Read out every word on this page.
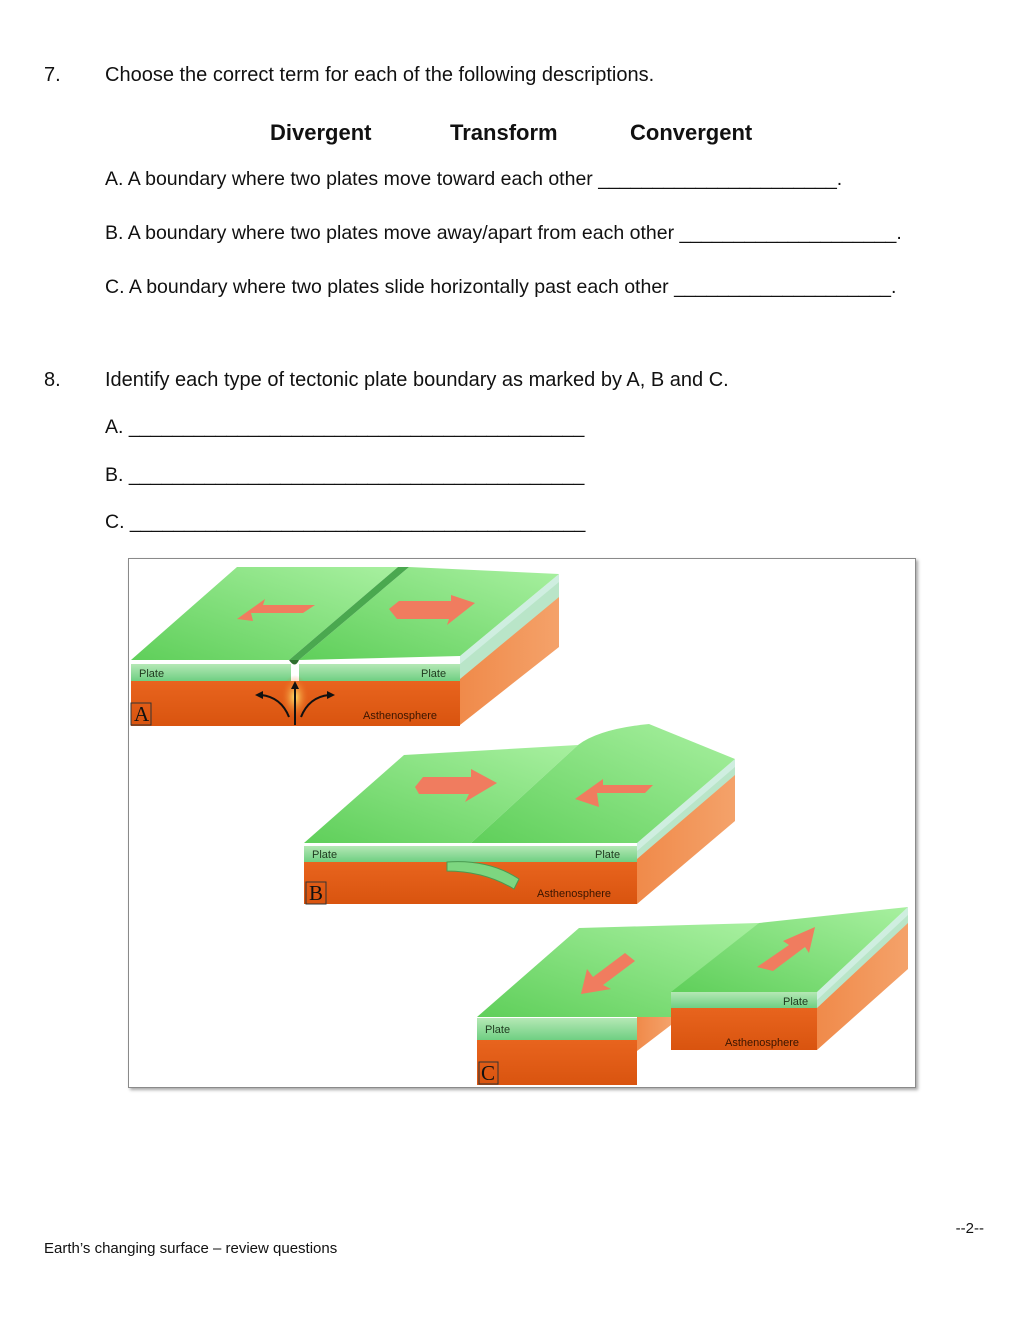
7. Choose the correct term for each of the following descriptions.
Divergent	Transform	Convergent
A. A boundary where two plates move toward each other ______________________.
B. A boundary where two plates move away/apart from each other ____________________.
C. A boundary where two plates slide horizontally past each other ____________________.
8. Identify each type of tectonic plate boundary as marked by A, B and C.
A. __________________________________________
B. __________________________________________
C. __________________________________________
Plate	Plate
Asthenosphere
A
Plate	Plate
Asthenosphere
B
Plate
Plate
Asthenosphere
C
--2--
Earth’s changing surface – review questions
